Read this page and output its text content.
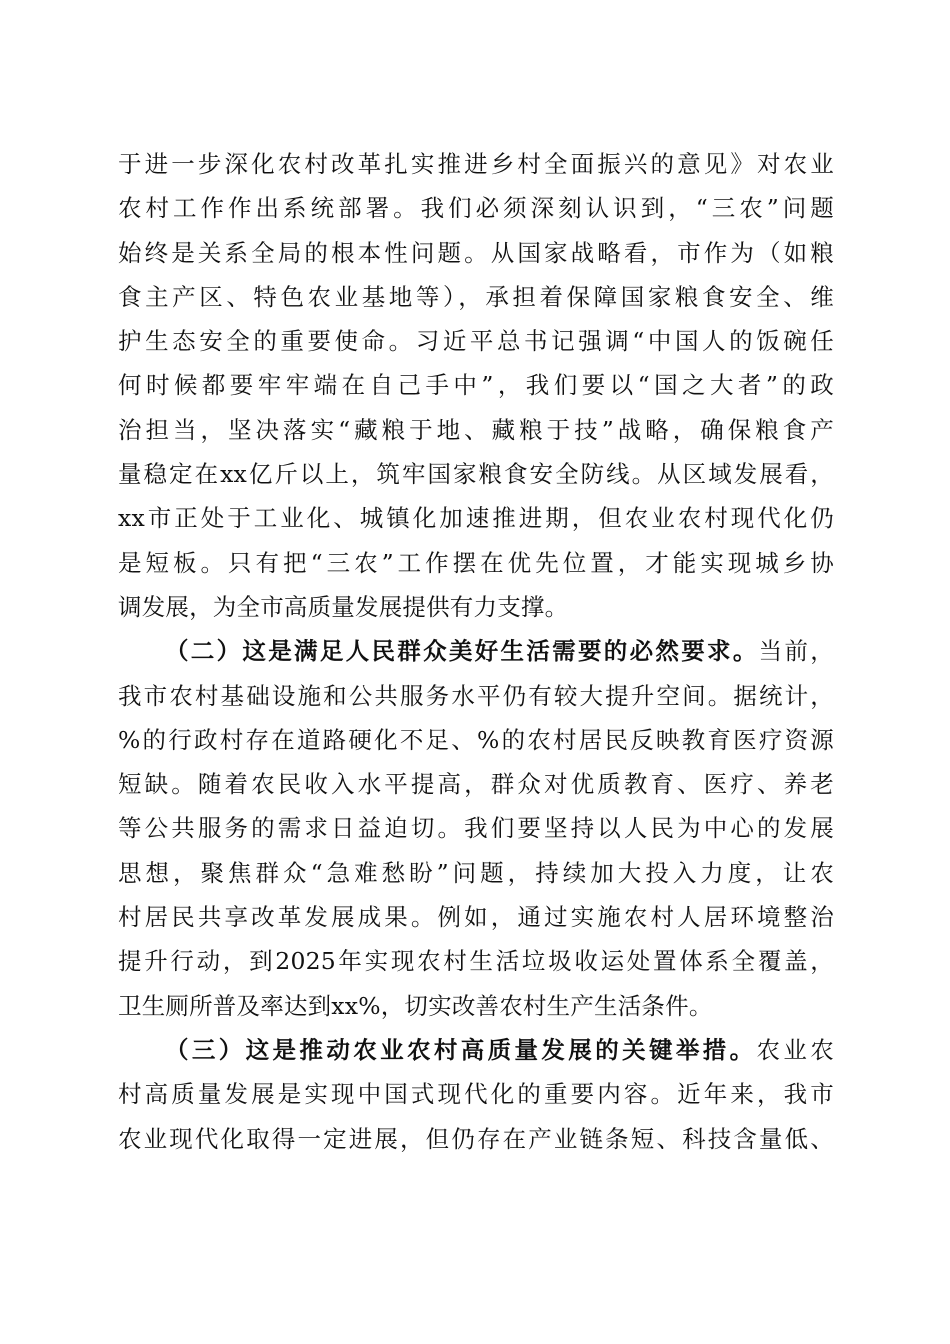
于进一步深化农村改革扎实推进乡村全面振兴的意见》对农业
农村工作作出系统部署。我们必须深刻认识到，“三农”问题
始终是关系全局的根本性问题。从国家战略看，市作为（如粮
食主产区、特色农业基地等），承担着保障国家粮食安全、维
护生态安全的重要使命。习近平总书记强调“中国人的饭碗任
何时候都要牢牢端在自己手中”，我们要以“国之大者”的政
治担当，坚决落实“藏粮于地、藏粮于技”战略，确保粮食产
量稳定在xx亿斤以上，筑牢国家粮食安全防线。从区域发展看，
xx市正处于工业化、城镇化加速推进期，但农业农村现代化仍
是短板。只有把“三农”工作摆在优先位置，才能实现城乡协
调发展，为全市高质量发展提供有力支撑。
（二）这是满足人民群众美好生活需要的必然要求。当前，
我市农村基础设施和公共服务水平仍有较大提升空间。据统计，
%的行政村存在道路硬化不足、%的农村居民反映教育医疗资源
短缺。随着农民收入水平提高，群众对优质教育、医疗、养老
等公共服务的需求日益迫切。我们要坚持以人民为中心的发展
思想，聚焦群众“急难愁盼”问题，持续加大投入力度，让农
村居民共享改革发展成果。例如，通过实施农村人居环境整治
提升行动，到2025年实现农村生活垃圾收运处置体系全覆盖，
卫生厕所普及率达到xx%，切实改善农村生产生活条件。
（三）这是推动农业农村高质量发展的关键举措。农业农
村高质量发展是实现中国式现代化的重要内容。近年来，我市
农业现代化取得一定进展，但仍存在产业链条短、科技含量低、
